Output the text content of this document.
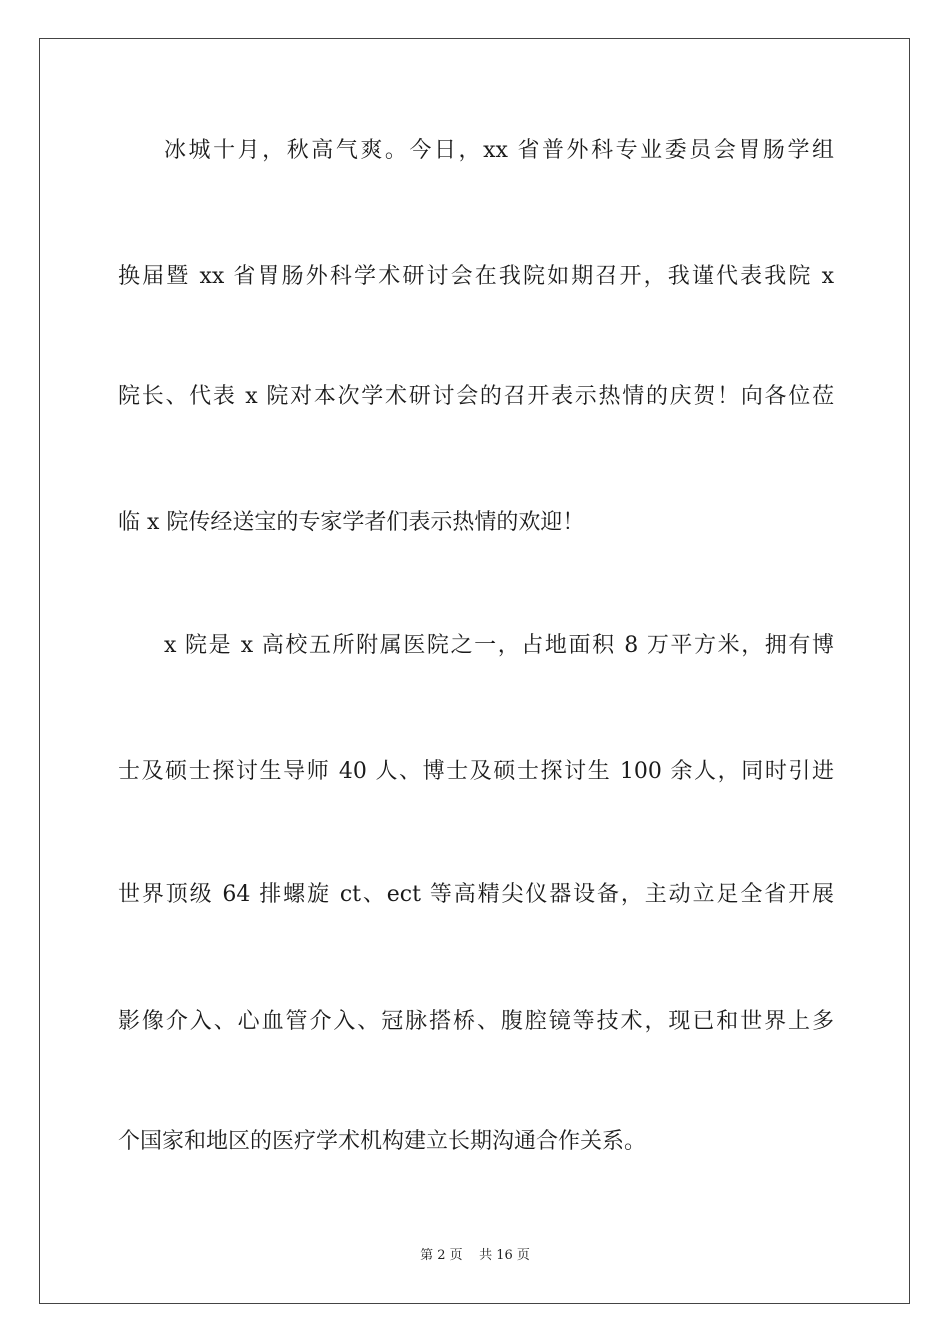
冰城十月，秋高气爽。今日，xx 省普外科专业委员会胃肠学组
换届暨 xx 省胃肠外科学术研讨会在我院如期召开，我谨代表我院 x
院长、代表 x 院对本次学术研讨会的召开表示热情的庆贺！向各位莅
临 x 院传经送宝的专家学者们表示热情的欢迎！
x 院是 x 高校五所附属医院之一，占地面积 8 万平方米，拥有博
士及硕士探讨生导师 40 人、博士及硕士探讨生 100 余人，同时引进
世界顶级 64 排螺旋 ct、ect 等高精尖仪器设备，主动立足全省开展
影像介入、心血管介入、冠脉搭桥、腹腔镜等技术，现已和世界上多
个国家和地区的医疗学术机构建立长期沟通合作关系。
第 2 页    共 16 页
